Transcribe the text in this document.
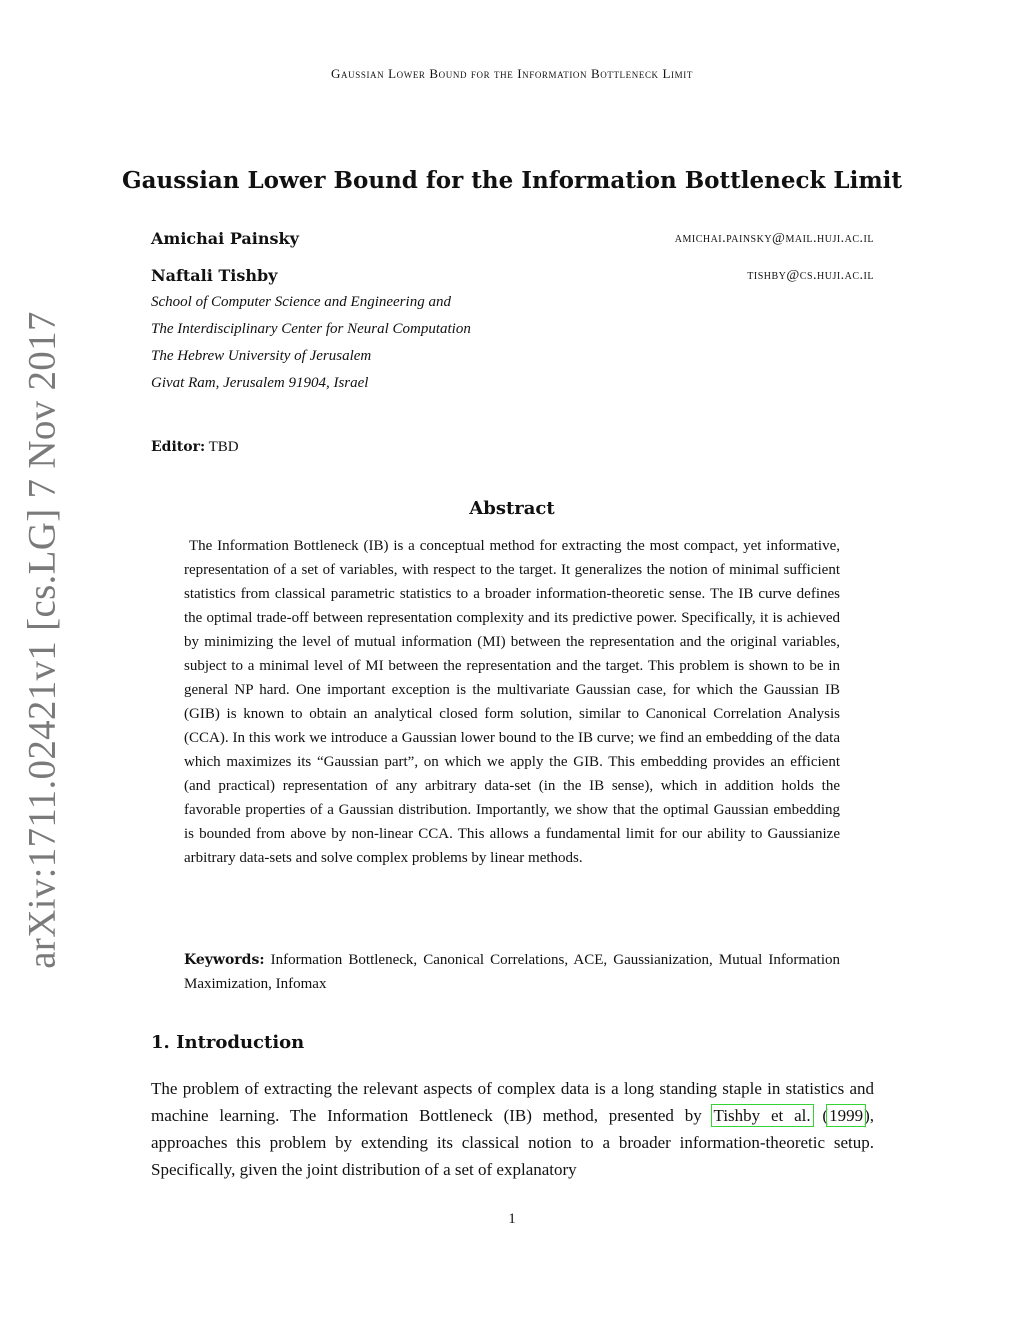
Gaussian Lower Bound for the Information Bottleneck Limit
arXiv:1711.02421v1 [cs.LG] 7 Nov 2017
Gaussian Lower Bound for the Information Bottleneck Limit
Amichai Painsky	amichai.painsky@mail.huji.ac.il
Naftali Tishby	tishby@cs.huji.ac.il
School of Computer Science and Engineering and
The Interdisciplinary Center for Neural Computation
The Hebrew University of Jerusalem
Givat Ram, Jerusalem 91904, Israel
Editor: TBD
Abstract
The Information Bottleneck (IB) is a conceptual method for extracting the most compact, yet informative, representation of a set of variables, with respect to the target. It generalizes the notion of minimal sufficient statistics from classical parametric statistics to a broader information-theoretic sense. The IB curve defines the optimal trade-off between representation complexity and its predictive power. Specifically, it is achieved by minimizing the level of mutual information (MI) between the representation and the original variables, subject to a minimal level of MI between the representation and the target. This problem is shown to be in general NP hard. One important exception is the multivariate Gaussian case, for which the Gaussian IB (GIB) is known to obtain an analytical closed form solution, similar to Canonical Correlation Analysis (CCA). In this work we introduce a Gaussian lower bound to the IB curve; we find an embedding of the data which maximizes its “Gaussian part”, on which we apply the GIB. This embedding provides an efficient (and practical) representation of any arbitrary data-set (in the IB sense), which in addition holds the favorable properties of a Gaussian distribution. Importantly, we show that the optimal Gaussian embedding is bounded from above by non-linear CCA. This allows a fundamental limit for our ability to Gaussianize arbitrary data-sets and solve complex problems by linear methods.
Keywords: Information Bottleneck, Canonical Correlations, ACE, Gaussianization, Mutual Information Maximization, Infomax
1. Introduction
The problem of extracting the relevant aspects of complex data is a long standing staple in statistics and machine learning. The Information Bottleneck (IB) method, presented by Tishby et al. (1999), approaches this problem by extending its classical notion to a broader information-theoretic setup. Specifically, given the joint distribution of a set of explanatory
1
